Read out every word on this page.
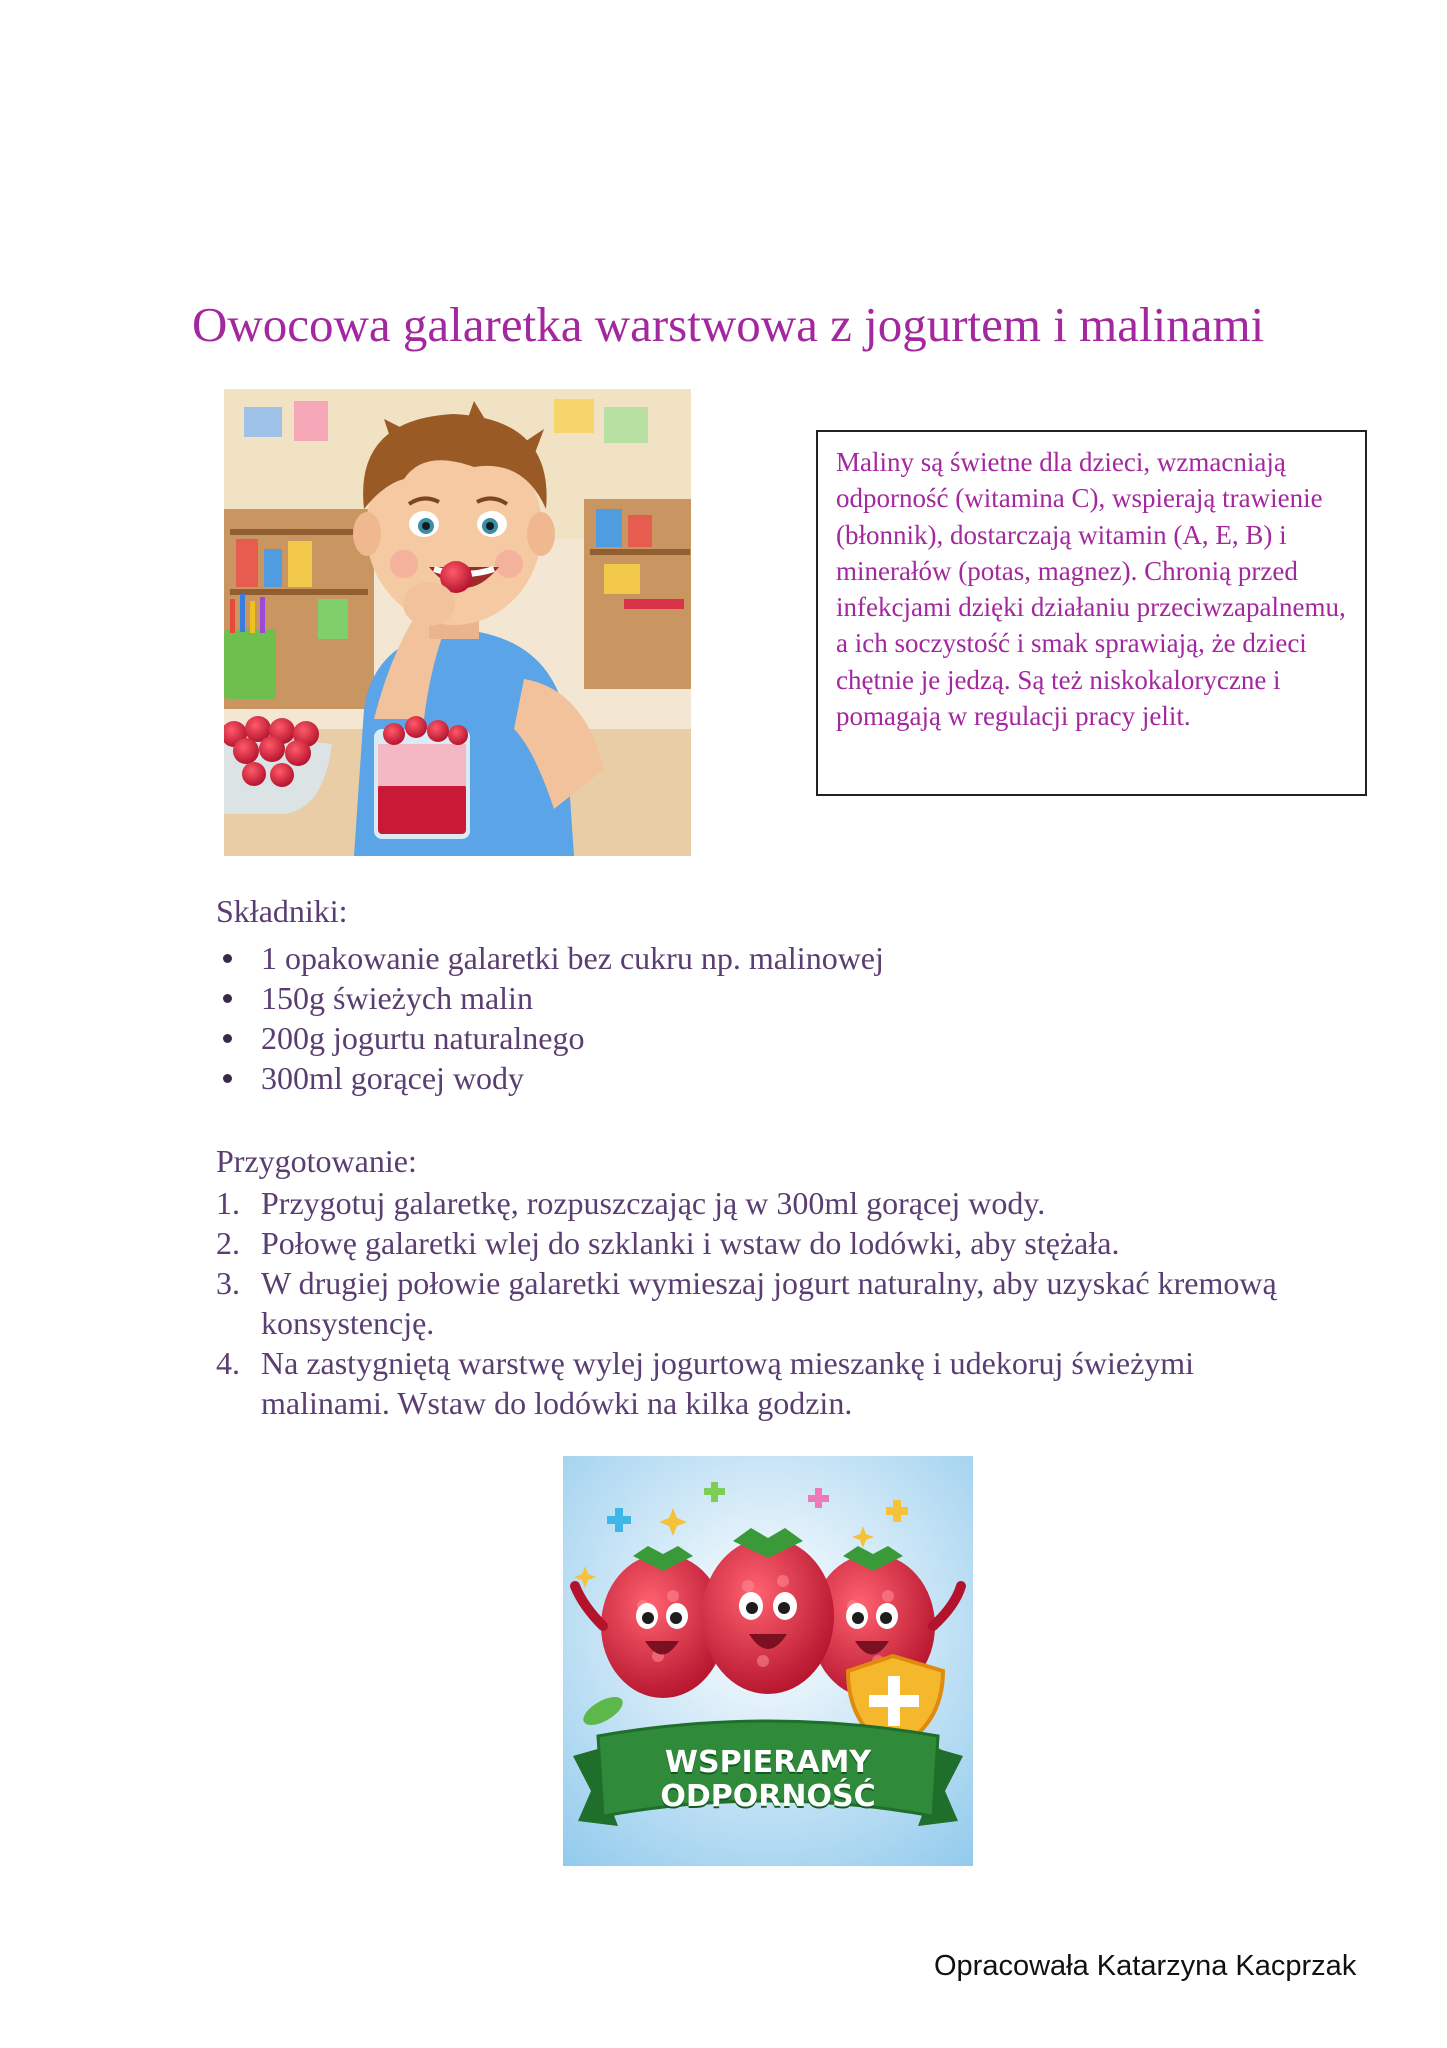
Owocowa galaretka warstwowa z jogurtem i malinami

Maliny są świetne dla dzieci, wzmacniają odporność (witamina C), wspierają trawienie (błonnik), dostarczają witamin (A, E, B) i minerałów (potas, magnez). Chronią przed infekcjami dzięki działaniu przeciwzapalnemu, a ich soczystość i smak sprawiają, że dzieci chętnie je jedzą. Są też niskokaloryczne i pomagają w regulacji pracy jelit.

Składniki:
1 opakowanie galaretki bez cukru np. malinowej
150g świeżych malin
200g jogurtu naturalnego
300ml gorącej wody
Przygotowanie:
1. Przygotuj galaretkę, rozpuszczając ją w 300ml gorącej wody.
2. Połowę galaretki wlej do szklanki i wstaw do lodówki, aby stężała.
3. W drugiej połowie galaretki wymieszaj jogurt naturalny, aby uzyskać kremową konsystencję.
4. Na zastygniętą warstwę wylej jogurtową mieszankę i udekoruj świeżymi malinami. Wstaw do lodówki na kilka godzin.
WSPIERAMY
ODPORNOŚĆ

Opracowała Katarzyna Kacprzak
